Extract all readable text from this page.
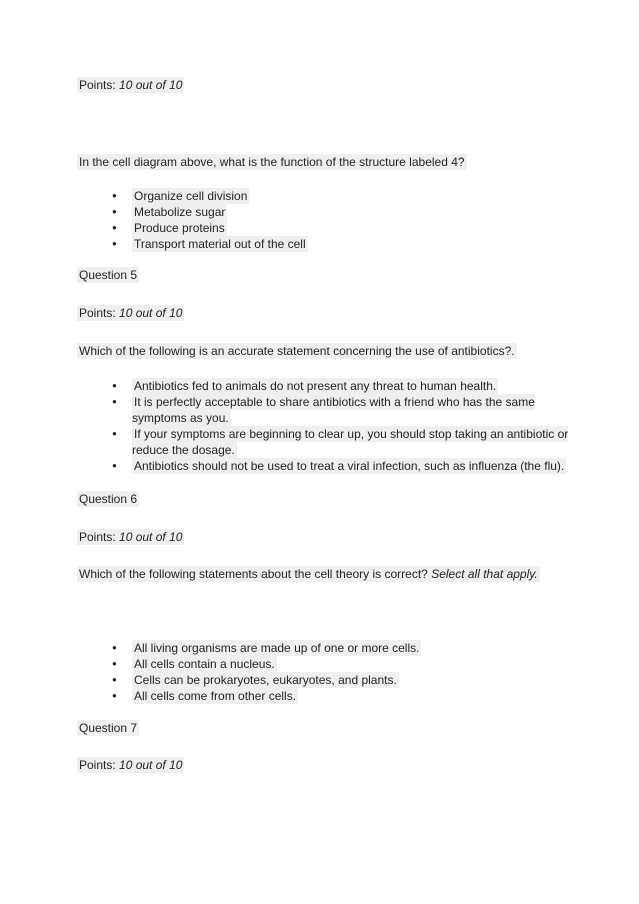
Points: 10 out of 10
In the cell diagram above, what is the function of the structure labeled 4?
● Organize cell division
● Metabolize sugar
● Produce proteins
● Transport material out of the cell
Question 5
Points: 10 out of 10
Which of the following is an accurate statement concerning the use of antibiotics?.
● Antibiotics fed to animals do not present any threat to human health.
● It is perfectly acceptable to share antibiotics with a friend who has the same symptoms as you.
● If your symptoms are beginning to clear up, you should stop taking an antibiotic or reduce the dosage.
● Antibiotics should not be used to treat a viral infection, such as influenza (the flu).
Question 6
Points: 10 out of 10
Which of the following statements about the cell theory is correct? Select all that apply.
● All living organisms are made up of one or more cells.
● All cells contain a nucleus.
● Cells can be prokaryotes, eukaryotes, and plants.
● All cells come from other cells.
Question 7
Points: 10 out of 10
